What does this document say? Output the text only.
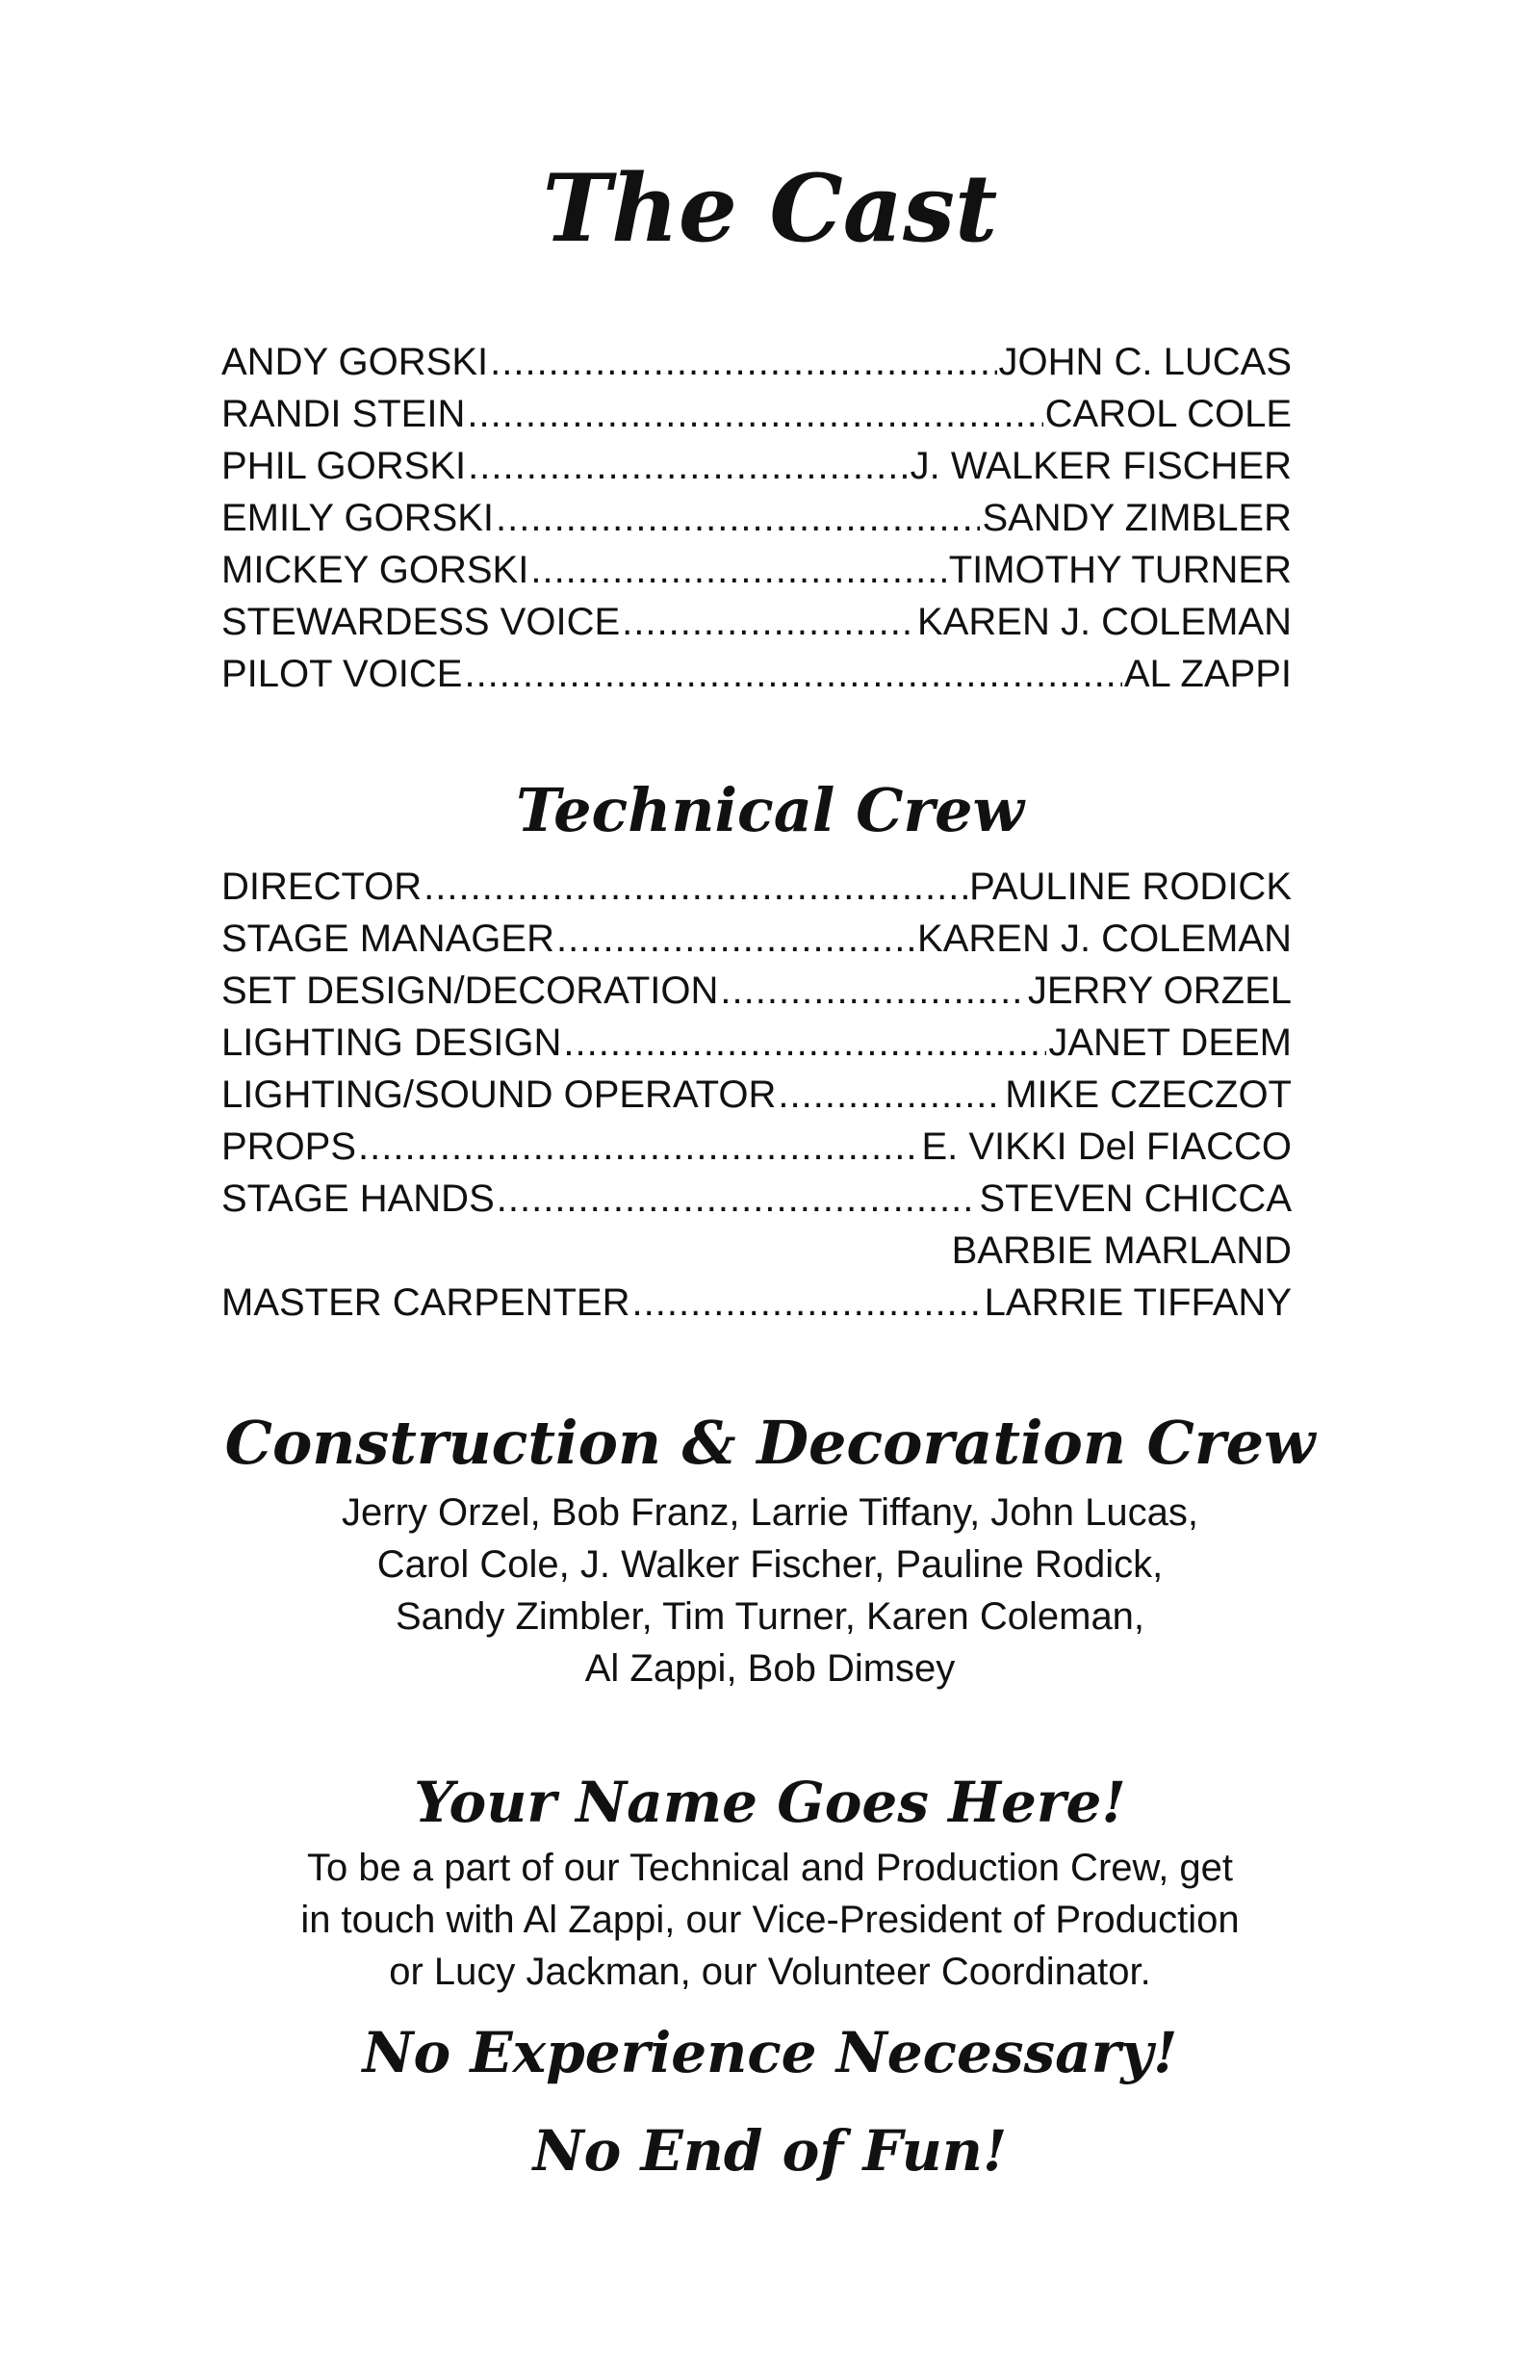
The Cast
ANDY GORSKI .....	JOHN C. LUCAS
RANDI STEIN .....	CAROL COLE
PHIL GORSKI .....	J. WALKER FISCHER
EMILY GORSKI .....	SANDY ZIMBLER
MICKEY GORSKI .....	TIMOTHY TURNER
STEWARDESS VOICE .....	KAREN J. COLEMAN
PILOT VOICE .....	AL ZAPPI
Technical Crew
DIRECTOR .....	PAULINE RODICK
STAGE MANAGER .....	KAREN J. COLEMAN
SET DESIGN/DECORATION .....	JERRY ORZEL
LIGHTING DESIGN .....	JANET DEEM
LIGHTING/SOUND OPERATOR .....	MIKE CZECZOT
PROPS .....	E. VIKKI Del FIACCO
STAGE HANDS .....	STEVEN CHICCA
BARBIE MARLAND
MASTER CARPENTER .....	LARRIE TIFFANY
Construction & Decoration Crew

Jerry Orzel, Bob Franz, Larrie Tiffany, John Lucas,
Carol Cole, J. Walker Fischer, Pauline Rodick,
Sandy Zimbler, Tim Turner, Karen Coleman,
Al Zappi, Bob Dimsey

Your Name Goes Here!

To be a part of our Technical and Production Crew, get
in touch with Al Zappi, our Vice-President of Production
or Lucy Jackman, our Volunteer Coordinator.

No Experience Necessary!
No End of Fun!
